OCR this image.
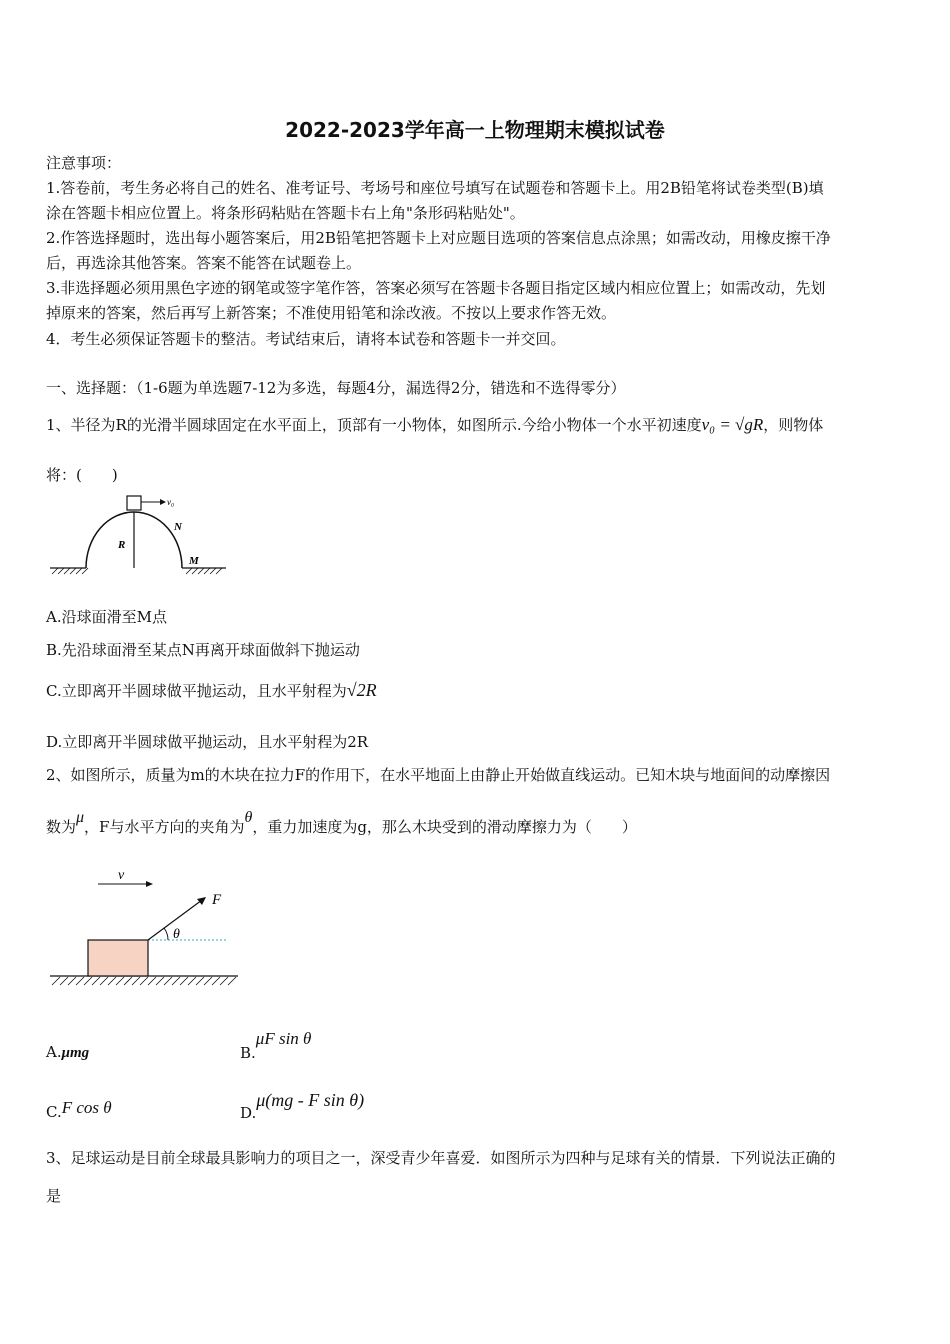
2022-2023学年高一上物理期末模拟试卷
注意事项：
1.答卷前，考生务必将自己的姓名、准考证号、考场号和座位号填写在试题卷和答题卡上。用2B铅笔将试卷类型(B)填
涂在答题卡相应位置上。将条形码粘贴在答题卡右上角"条形码粘贴处"。
2.作答选择题时，选出每小题答案后，用2B铅笔把答题卡上对应题目选项的答案信息点涂黑；如需改动，用橡皮擦干净
后，再选涂其他答案。答案不能答在试题卷上。
3.非选择题必须用黑色字迹的钢笔或签字笔作答，答案必须写在答题卡各题目指定区域内相应位置上；如需改动，先划
掉原来的答案，然后再写上新答案；不准使用铅笔和涂改液。不按以上要求作答无效。
4．考生必须保证答题卡的整洁。考试结束后，请将本试卷和答题卡一并交回。
一、选择题：（1-6题为单选题7-12为多选，每题4分，漏选得2分，错选和不选得零分）
1、半径为R的光滑半圆球固定在水平面上，顶部有一小物体，如图所示.今给小物体一个水平初速度v₀ = √gR，则物体
将：(　　)
v₀
N
R
M
A.沿球面滑至M点
B.先沿球面滑至某点N再离开球面做斜下抛运动
C.立即离开半圆球做平抛运动，且水平射程为√2R
D.立即离开半圆球做平抛运动，且水平射程为2R
2、如图所示，质量为m的木块在拉力F的作用下，在水平地面上由静止开始做直线运动。已知木块与地面间的动摩擦因
数为μ，F与水平方向的夹角为θ，重力加速度为g，那么木块受到的滑动摩擦力为（　　）
v
F
θ
A.μmg	B.μF sin θ
C.F cos θ	D.μ(mg - F sin θ)
3、足球运动是目前全球最具影响力的项目之一，深受青少年喜爱．如图所示为四种与足球有关的情景．下列说法正确的
是
